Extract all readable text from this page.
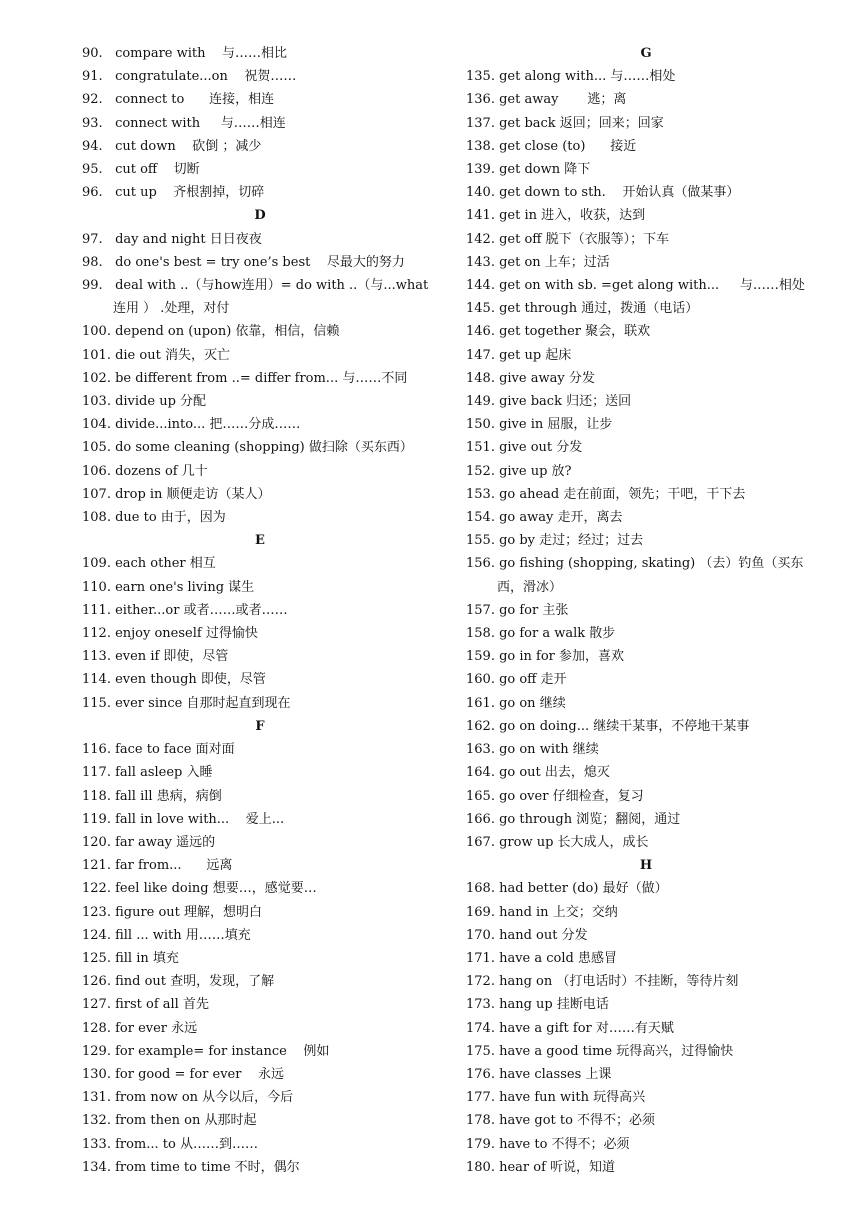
90.   compare with    与……相比
91.   congratulate...on    祝贺……
92.   connect to      连接，相连
93.   connect with     与……相连
94.   cut down    砍倒 ；减少
95.   cut off    切断
96.   cut up    齐根割掉，切碎
D
97.   day and night 日日夜夜
98.   do one's best = try one’s best    尽最大的努力
99.   deal with ..（与how连用）= do with ..（与...what 连用 ） .处理，对付
100. depend on (upon) 依靠，相信，信赖
101. die out 消失，灭亡
102. be different from ..= differ from... 与……不同
103. divide up 分配
104. divide...into... 把……分成……
105. do some cleaning (shopping) 做扫除（买东西）
106. dozens of 几十
107. drop in 顺便走访（某人）
108. due to 由于，因为
E
109. each other 相互
110. earn one's living 谋生
111. either...or 或者……或者……
112. enjoy oneself 过得愉快
113. even if 即使，尽管
114. even though 即使，尽管
115. ever since 自那时起直到现在
F
116. face to face 面对面
117. fall asleep 入睡
118. fall ill 患病，病倒
119. fall in love with...    爱上...
120. far away 遥远的
121. far from...      远离
122. feel like doing 想要…，感觉要…
123. figure out 理解，想明白
124. fill ... with 用……填充
125. fill in 填充
126. find out 查明，发现，了解
127. first of all 首先
128. for ever 永远
129. for example= for instance    例如
130. for good = for ever    永远
131. from now on 从今以后，今后
132. from then on 从那时起
133. from... to 从……到……
134. from time to time 不时，偶尔
G
135. get along with... 与……相处
136. get away       逃；离
137. get back 返回；回来；回家
138. get close (to)      接近
139. get down 降下
140. get down to sth.    开始认真（做某事）
141. get in 进入，收获，达到
142. get off 脱下（衣服等）；下车
143. get on 上车；过活
144. get on with sb. =get along with...     与……相处
145. get through 通过，拨通（电话）
146. get together 聚会，联欢
147. get up 起床
148. give away 分发
149. give back 归还；送回
150. give in 屈服，让步
151. give out 分发
152. give up 放?
153. go ahead 走在前面，领先；干吧，干下去
154. go away 走开，离去
155. go by 走过；经过；过去
156. go fishing (shopping, skating) （去）钓鱼（买东西，滑冰）
157. go for 主张
158. go for a walk 散步
159. go in for 参加，喜欢
160. go off 走开
161. go on 继续
162. go on doing... 继续干某事，不停地干某事
163. go on with 继续
164. go out 出去，熄灭
165. go over 仔细检查，复习
166. go through 浏览；翻阅，通过
167. grow up 长大成人，成长
H
168. had better (do) 最好（做）
169. hand in 上交；交纳
170. hand out 分发
171. have a cold 患感冒
172. hang on （打电话时）不挂断，等待片刻
173. hang up 挂断电话
174. have a gift for 对……有天赋
175. have a good time 玩得高兴，过得愉快
176. have classes 上课
177. have fun with 玩得高兴
178. have got to 不得不；必须
179. have to 不得不；必须
180. hear of 听说，知道
